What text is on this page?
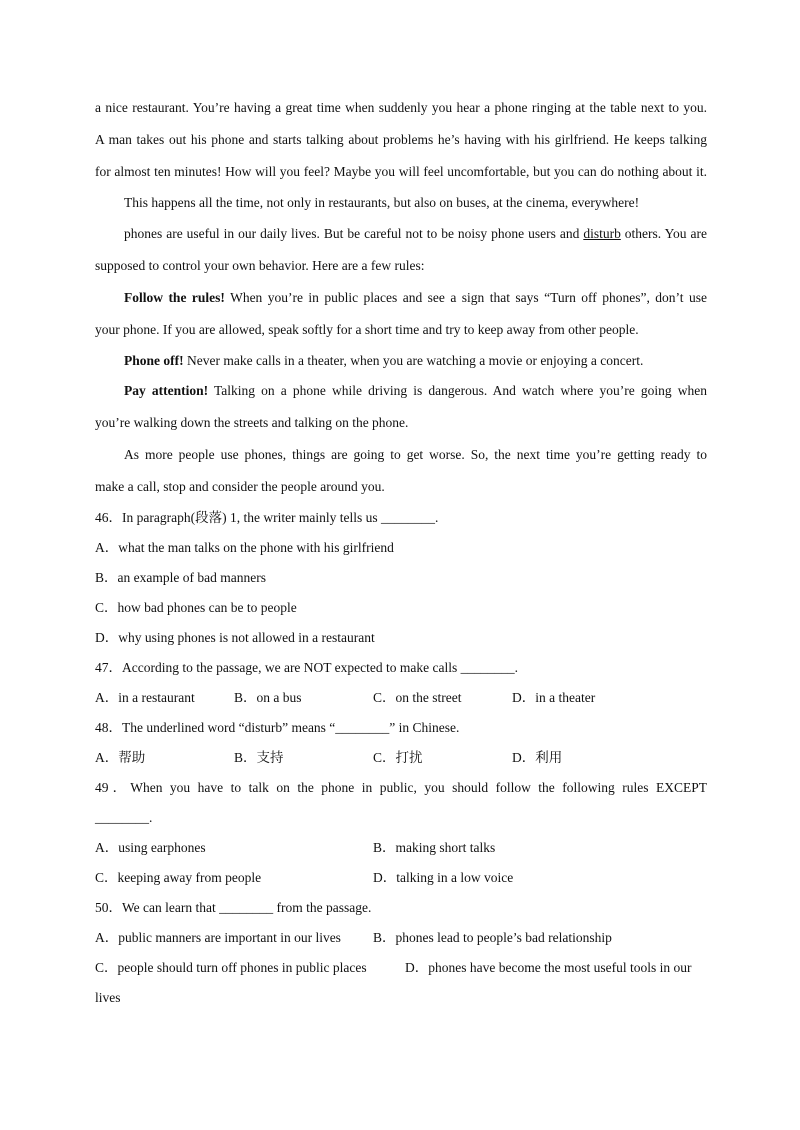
a nice restaurant. You’re having a great time when suddenly you hear a phone ringing at the table next to you.

A man takes out his phone and starts talking about problems he’s having with his girlfriend. He keeps talking

for almost ten minutes! How will you feel? Maybe you will feel uncomfortable, but you can do nothing about it.

This happens all the time, not only in restaurants, but also on buses, at the cinema, everywhere!

phones are useful in our daily lives. But be careful not to be noisy phone users and disturb others. You are

supposed to control your own behavior. Here are a few rules:

Follow the rules! When you’re in public places and see a sign that says “Turn off phones”, don’t use

your phone. If you are allowed, speak softly for a short time and try to keep away from other people.

Phone off! Never make calls in a theater, when you are watching a movie or enjoying a concert.

Pay attention! Talking on a phone while driving is dangerous. And watch where you’re going when

you’re walking down the streets and talking on the phone.

As more people use phones, things are going to get worse. So, the next time you’re getting ready to

make a call, stop and consider the people around you.

46．In paragraph(段落) 1, the writer mainly tells us ________.

A．what the man talks on the phone with his girlfriend

B．an example of bad manners

C．how bad phones can be to people

D．why using phones is not allowed in a restaurant

47．According to the passage, we are NOT expected to make calls ________.

A．in a restaurant	B．on a bus	C．on the street	D．in a theater

48．The underlined word “disturb” means “________” in Chinese.

A．帮助	B．支持	C．打扰	D．利用

49．When you have to talk on the phone in public, you should follow the following rules EXCEPT

________.

A．using earphones	B．making short talks
C．keeping away from people	D．talking in a low voice

50．We can learn that ________ from the passage.

A．public manners are important in our lives	B．phones lead to people’s bad relationship
C．people should turn off phones in public places	D．phones have become the most useful tools in our

lives
